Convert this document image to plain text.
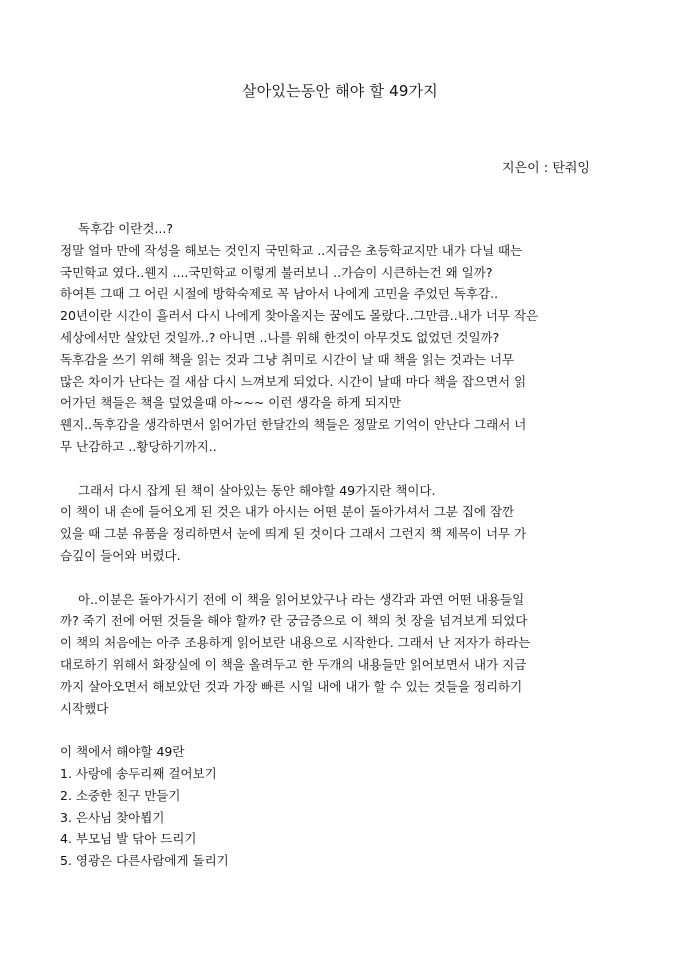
살아있는동안 해야 할 49가지

지은이 : 탄줘잉

독후감 이란것...?
정말 얼마 만에 작성을 해보는 것인지 국민학교 ..지금은 초등학교지만 내가 다닐 때는
국민학교 였다..웬지 ....국민학교 이렇게 불러보니 ..가슴이 시큰하는건 왜 일까?
하여튼 그때 그 어린 시절에 방학숙제로 꼭 남아서 나에게 고민을 주었던 독후감..
20년이란 시간이 흘러서 다시 나에게 찾아올지는 꿈에도 몰랐다..그만큼..내가 너무 작은
세상에서만 살았던 것일까..? 아니면 ..나를 위해 한것이 아무것도 없었던 것일까?
독후감을 쓰기 위해 책을 읽는 것과 그냥 취미로 시간이 날 때 책을 읽는 것과는 너무
많은 차이가 난다는 걸 새삼 다시 느껴보게 되었다. 시간이 날때 마다 책을 잡으면서 읽
어가던 책들은 책을 덮었을때 아~~~ 이런 생각을 하게 되지만
웬지..독후감을 생각하면서 읽어가던 한달간의 책들은 정말로 기억이 안난다 그래서 너
무 난감하고 ..황당하기까지..
그래서 다시 잡게 된 책이 살아있는 동안 해야할 49가지란 책이다.
이 책이 내 손에 들어오게 된 것은 내가 아시는 어떤 분이 돌아가셔서 그분 집에 잠깐
있을 때 그분 유품을 정리하면서 눈에 띄게 된 것이다 그래서 그런지 책 제목이 너무 가
슴깊이 들어와 버렸다.
아..이분은 돌아가시기 전에 이 책을 읽어보았구나 라는 생각과 과연 어떤 내용들일
까? 죽기 전에 어떤 것들을 해야 할까? 란 궁금증으로 이 책의 첫 장을 넘겨보게 되었다
이 책의 처음에는 아주 조용하게 읽어보란 내용으로 시작한다. 그래서 난 저자가 하라는
대로하기 위해서 화장실에 이 책을 올려두고 한 두개의 내용들만 읽어보면서 내가 지금
까지 살아오면서 해보았던 것과 가장 빠른 시일 내에 내가 할 수 있는 것들을 정리하기
시작했다
이 책에서 해야할 49란
1. 사랑에 송두리째 걸어보기
2. 소중한 친구 만들기
3. 은사님 찾아뵙기
4. 부모님 발 닦아 드리기
5. 영광은 다른사람에게 돌리기
